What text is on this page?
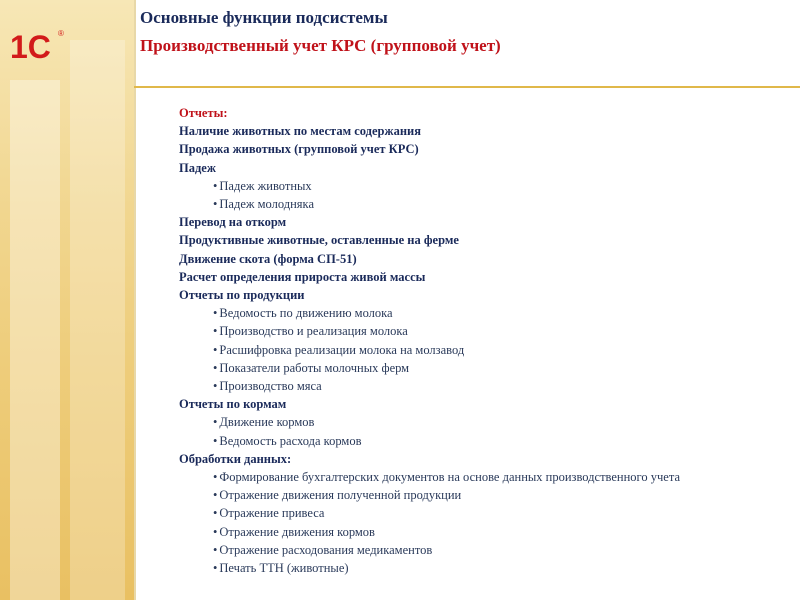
1C ®
Основные функции подсистемы
Производственный учет КРС (групповой учет)
Отчеты:
Наличие животных по местам содержания
Продажа животных (групповой учет КРС)
Падеж
• Падеж животных
• Падеж молодняка
Перевод на откорм
Продуктивные животные, оставленные на ферме
Движение скота (форма СП-51)
Расчет определения прироста живой массы
Отчеты по продукции
• Ведомость по движению молока
• Производство и реализация молока
• Расшифровка реализации молока на молзавод
• Показатели работы молочных ферм
• Производство мяса
Отчеты по кормам
• Движение кормов
• Ведомость расхода кормов
Обработки данных:
• Формирование бухгалтерских документов на основе данных производственного учета
• Отражение движения полученной продукции
• Отражение привеса
• Отражение движения кормов
• Отражение расходования медикаментов
• Печать ТТН (животные)
